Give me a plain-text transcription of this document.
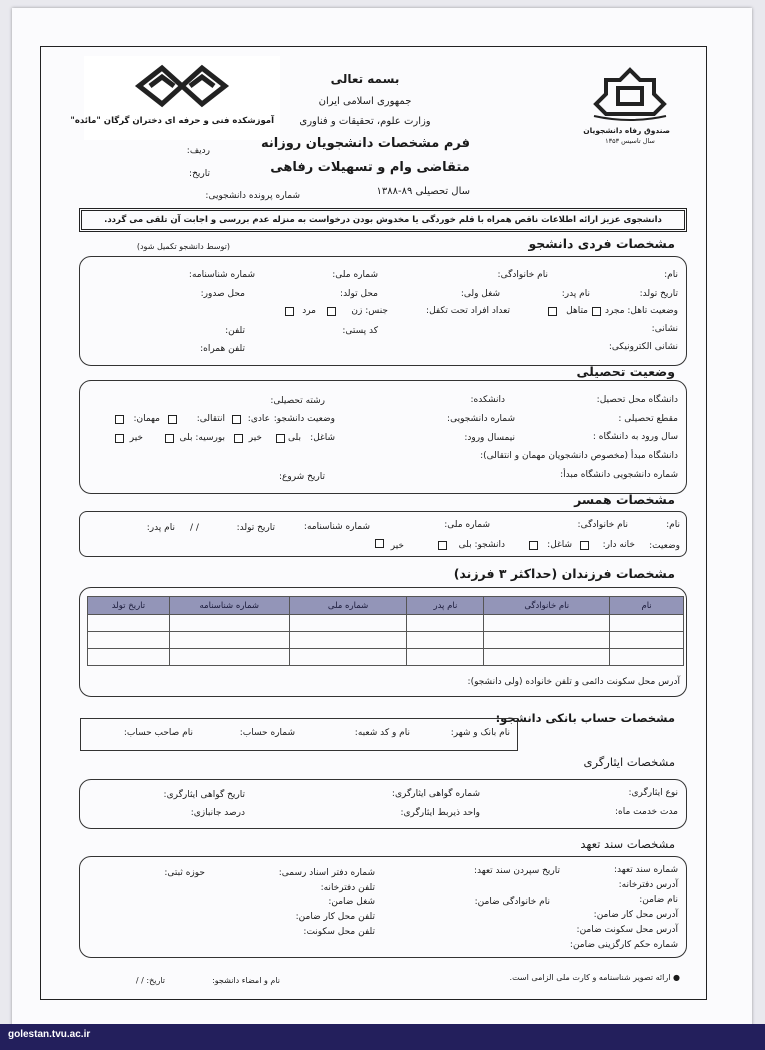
آموزشکده فنی و حرفه ای دختران گرگان "مائده"
صندوق رفاه دانشجویان
سال تاسیس ۱۳۵۳
بسمه تعالی
جمهوری اسلامی ایران
وزارت علوم، تحقیقات و فناوری
فرم مشخصات دانشجویان روزانه
متقاضی وام و تسهیلات رفاهی
سال تحصیلی ۸۹-۱۳۸۸
ردیف:
تاریخ:
شماره پرونده دانشجویی:
دانشجوی عزیز ارائه اطلاعات ناقص همراه با قلم خوردگی یا مخدوش بودن درخواست به منزله عدم بررسی و اجابت آن تلقی می گردد.
مشخصات فردی دانشجو
(توسط دانشجو تکمیل شود)
نام:
نام خانوادگی:
شماره ملی:
شماره شناسنامه:
تاریخ تولد:
نام پدر:
شغل ولی:
محل تولد:
محل صدور:
وضعیت تاهل: مجرد
متاهل
تعداد افراد تحت تکفل:
جنس: زن
مرد
نشانی:
کد پستی:
تلفن:
نشانی الکترونیکی:
تلفن همراه:
وضعیت تحصیلی
دانشگاه محل تحصیل:
دانشکده:
رشته تحصیلی:
مقطع تحصیلی :
شماره دانشجویی:
وضعیت دانشجو:
عادی:
انتقالی:
مهمان:
سال ورود به دانشگاه :
نیمسال ورود:
شاغل:
بلی
خیر
بورسیه: بلی
خیر
دانشگاه مبدأ (مخصوص دانشجویان مهمان و انتقالی):
شماره دانشجویی دانشگاه مبدأ:
تاریخ شروع:
مشخصات همسر
نام:
نام خانوادگی:
شماره ملی:
شماره شناسنامه:
تاریخ تولد:
/ /
نام پدر:
وضعیت:
خانه دار:
شاغل:
دانشجو: بلی
خیر
مشخصات فرزندان (حداکثر ۳ فرزند)
نام	نام خانوادگی	نام پدر	شماره ملی	شماره شناسنامه	تاریخ تولد

آدرس محل سکونت دائمی و تلفن خانواده (ولی دانشجو):
مشخصات حساب بانکی دانشجو:
نام بانک و شهر:
نام و کد شعبه:
شماره حساب:
نام صاحب حساب:
مشخصات ایثارگری
نوع ایثارگری:
شماره گواهی ایثارگری:
تاریخ گواهی ایثارگری:
مدت خدمت ماه:
واحد ذیربط ایثارگری:
درصد جانبازی:
مشخصات سند تعهد
شماره سند تعهد:
تاریخ سپردن سند تعهد:
شماره دفتر اسناد رسمی:
حوزه ثبتی:
آدرس دفترخانه:
تلفن دفترخانه:
نام ضامن:
نام خانوادگی ضامن:
شغل ضامن:
آدرس محل کار ضامن:
تلفن محل کار ضامن:
آدرس محل سکونت ضامن:
تلفن محل سکونت:
شماره حکم کارگزینی ضامن:
● ارائه تصویر شناسنامه و کارت ملی الزامی است.
نام و امضاء دانشجو:
تاریخ: / /
golestan.tvu.ac.ir
